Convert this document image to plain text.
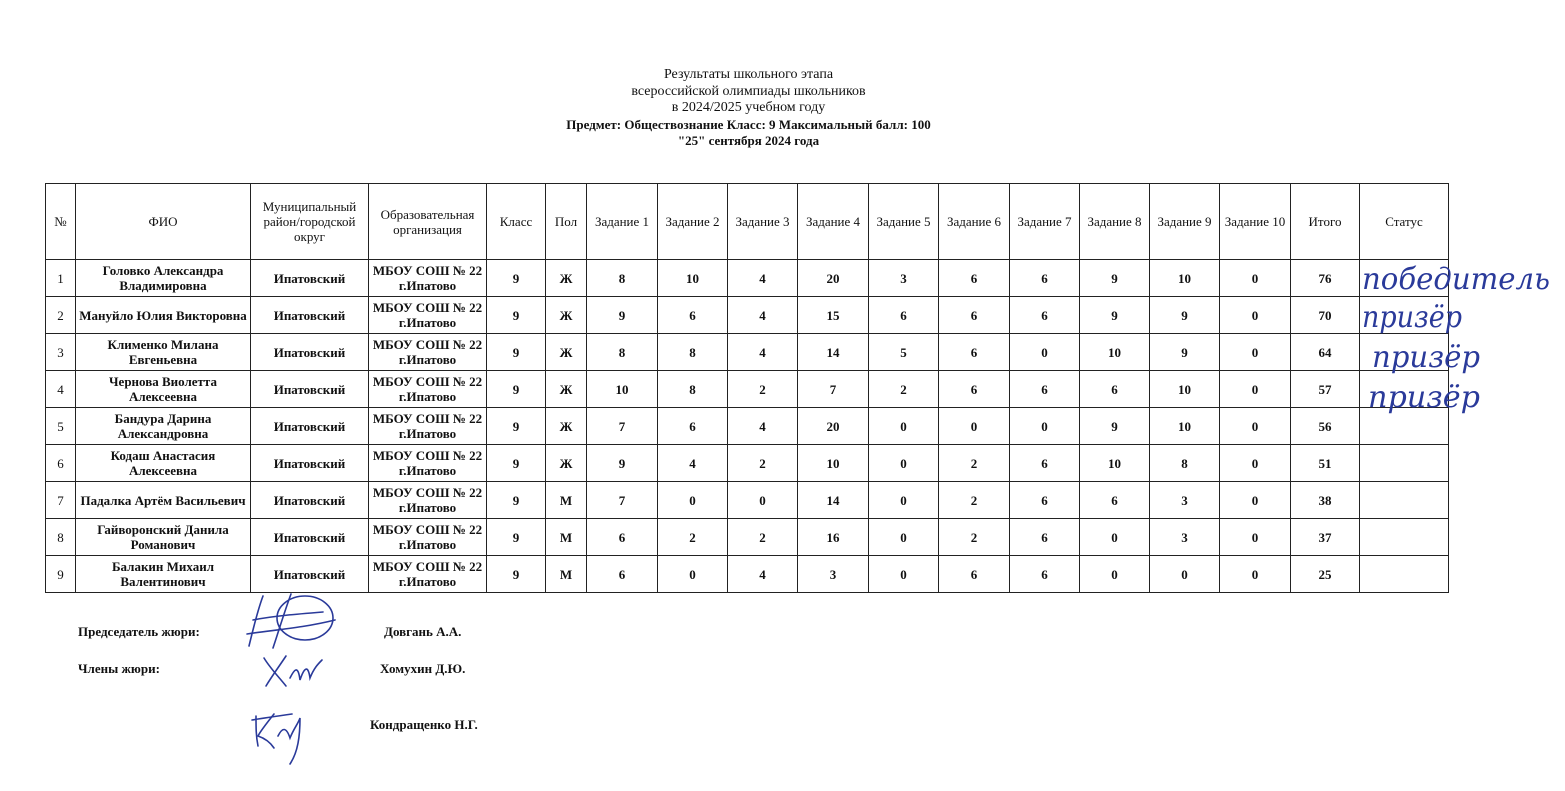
Результаты школьного этапа
всероссийской олимпиады школьников
в 2024/2025 учебном году
Предмет: Обществознание Класс: 9 Максимальный балл: 100
"25" сентября 2024 года
№	ФИО	Муниципальный район/городской округ	Образовательная организация	Класс	Пол	Задание 1	Задание 2	Задание 3	Задание 4	Задание 5	Задание 6	Задание 7	Задание 8	Задание 9	Задание 10	Итого	Статус
1	Головко Александра Владимировна	Ипатовский	МБОУ СОШ № 22 г.Ипатово	9	Ж	8	10	4	20	3	6	6	9	10	0	76	
2	Мануйло Юлия Викторовна	Ипатовский	МБОУ СОШ № 22 г.Ипатово	9	Ж	9	6	4	15	6	6	6	9	9	0	70	
3	Клименко Милана Евгеньевна	Ипатовский	МБОУ СОШ № 22 г.Ипатово	9	Ж	8	8	4	14	5	6	0	10	9	0	64	
4	Чернова Виолетта Алексеевна	Ипатовский	МБОУ СОШ № 22 г.Ипатово	9	Ж	10	8	2	7	2	6	6	6	10	0	57	
5	Бандура Дарина Александровна	Ипатовский	МБОУ СОШ № 22 г.Ипатово	9	Ж	7	6	4	20	0	0	0	9	10	0	56	
6	Кодаш Анастасия Алексеевна	Ипатовский	МБОУ СОШ № 22 г.Ипатово	9	Ж	9	4	2	10	0	2	6	10	8	0	51	
7	Падалка Артём Васильевич	Ипатовский	МБОУ СОШ № 22 г.Ипатово	9	М	7	0	0	14	0	2	6	6	3	0	38	
8	Гайворонский Данила Романович	Ипатовский	МБОУ СОШ № 22 г.Ипатово	9	М	6	2	2	16	0	2	6	0	3	0	37	
9	Балакин Михаил Валентинович	Ипатовский	МБОУ СОШ № 22 г.Ипатово	9	М	6	0	4	3	0	6	6	0	0	0	25	
победитель
призёр
призёр
призёр
Председатель жюри:	Довгань А.А.
Члены жюри:	Хомухин Д.Ю.
Кондращенко Н.Г.
